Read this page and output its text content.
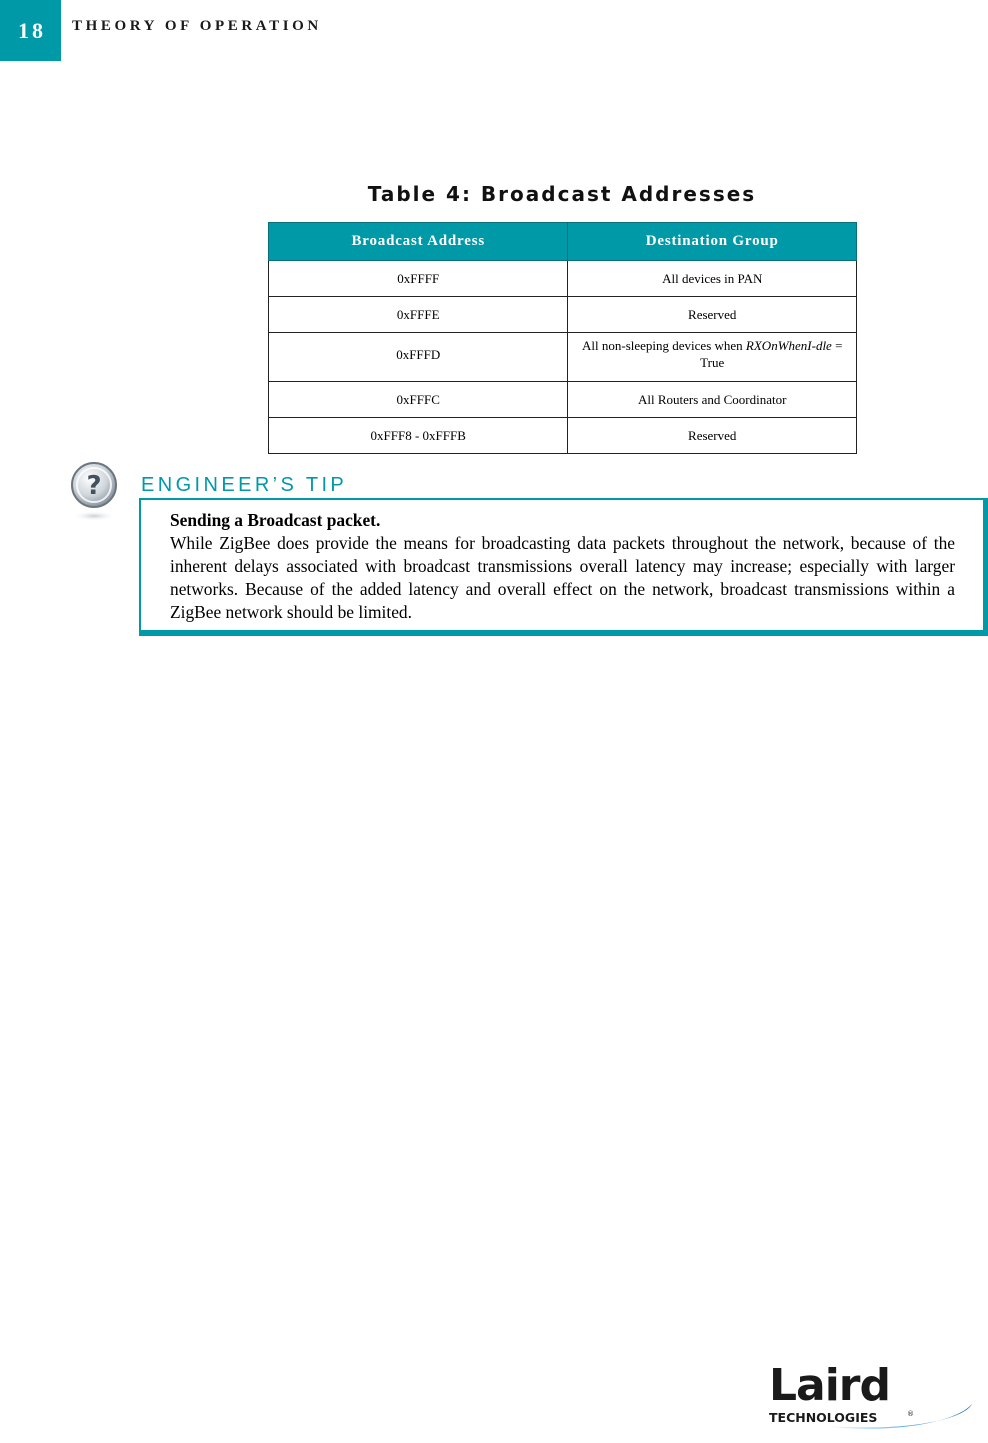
18	THEORY OF OPERATION
Table 4: Broadcast Addresses
Broadcast Address	Destination Group
0xFFFF	All devices in PAN
0xFFFE	Reserved
0xFFFD	All non-sleeping devices when RXOnWhenI-dle = True
0xFFFC	All Routers and Coordinator
0xFFF8 - 0xFFFB	Reserved
? ENGINEER’S TIP
Sending a Broadcast packet.
While ZigBee does provide the means for broadcasting data packets throughout the network, because of the inherent delays associated with broadcast transmissions overall latency may increase; especially with larger networks. Because of the added latency and overall effect on the network, broadcast transmissions within a ZigBee network should be limited.
Laird
TECHNOLOGIES	®
